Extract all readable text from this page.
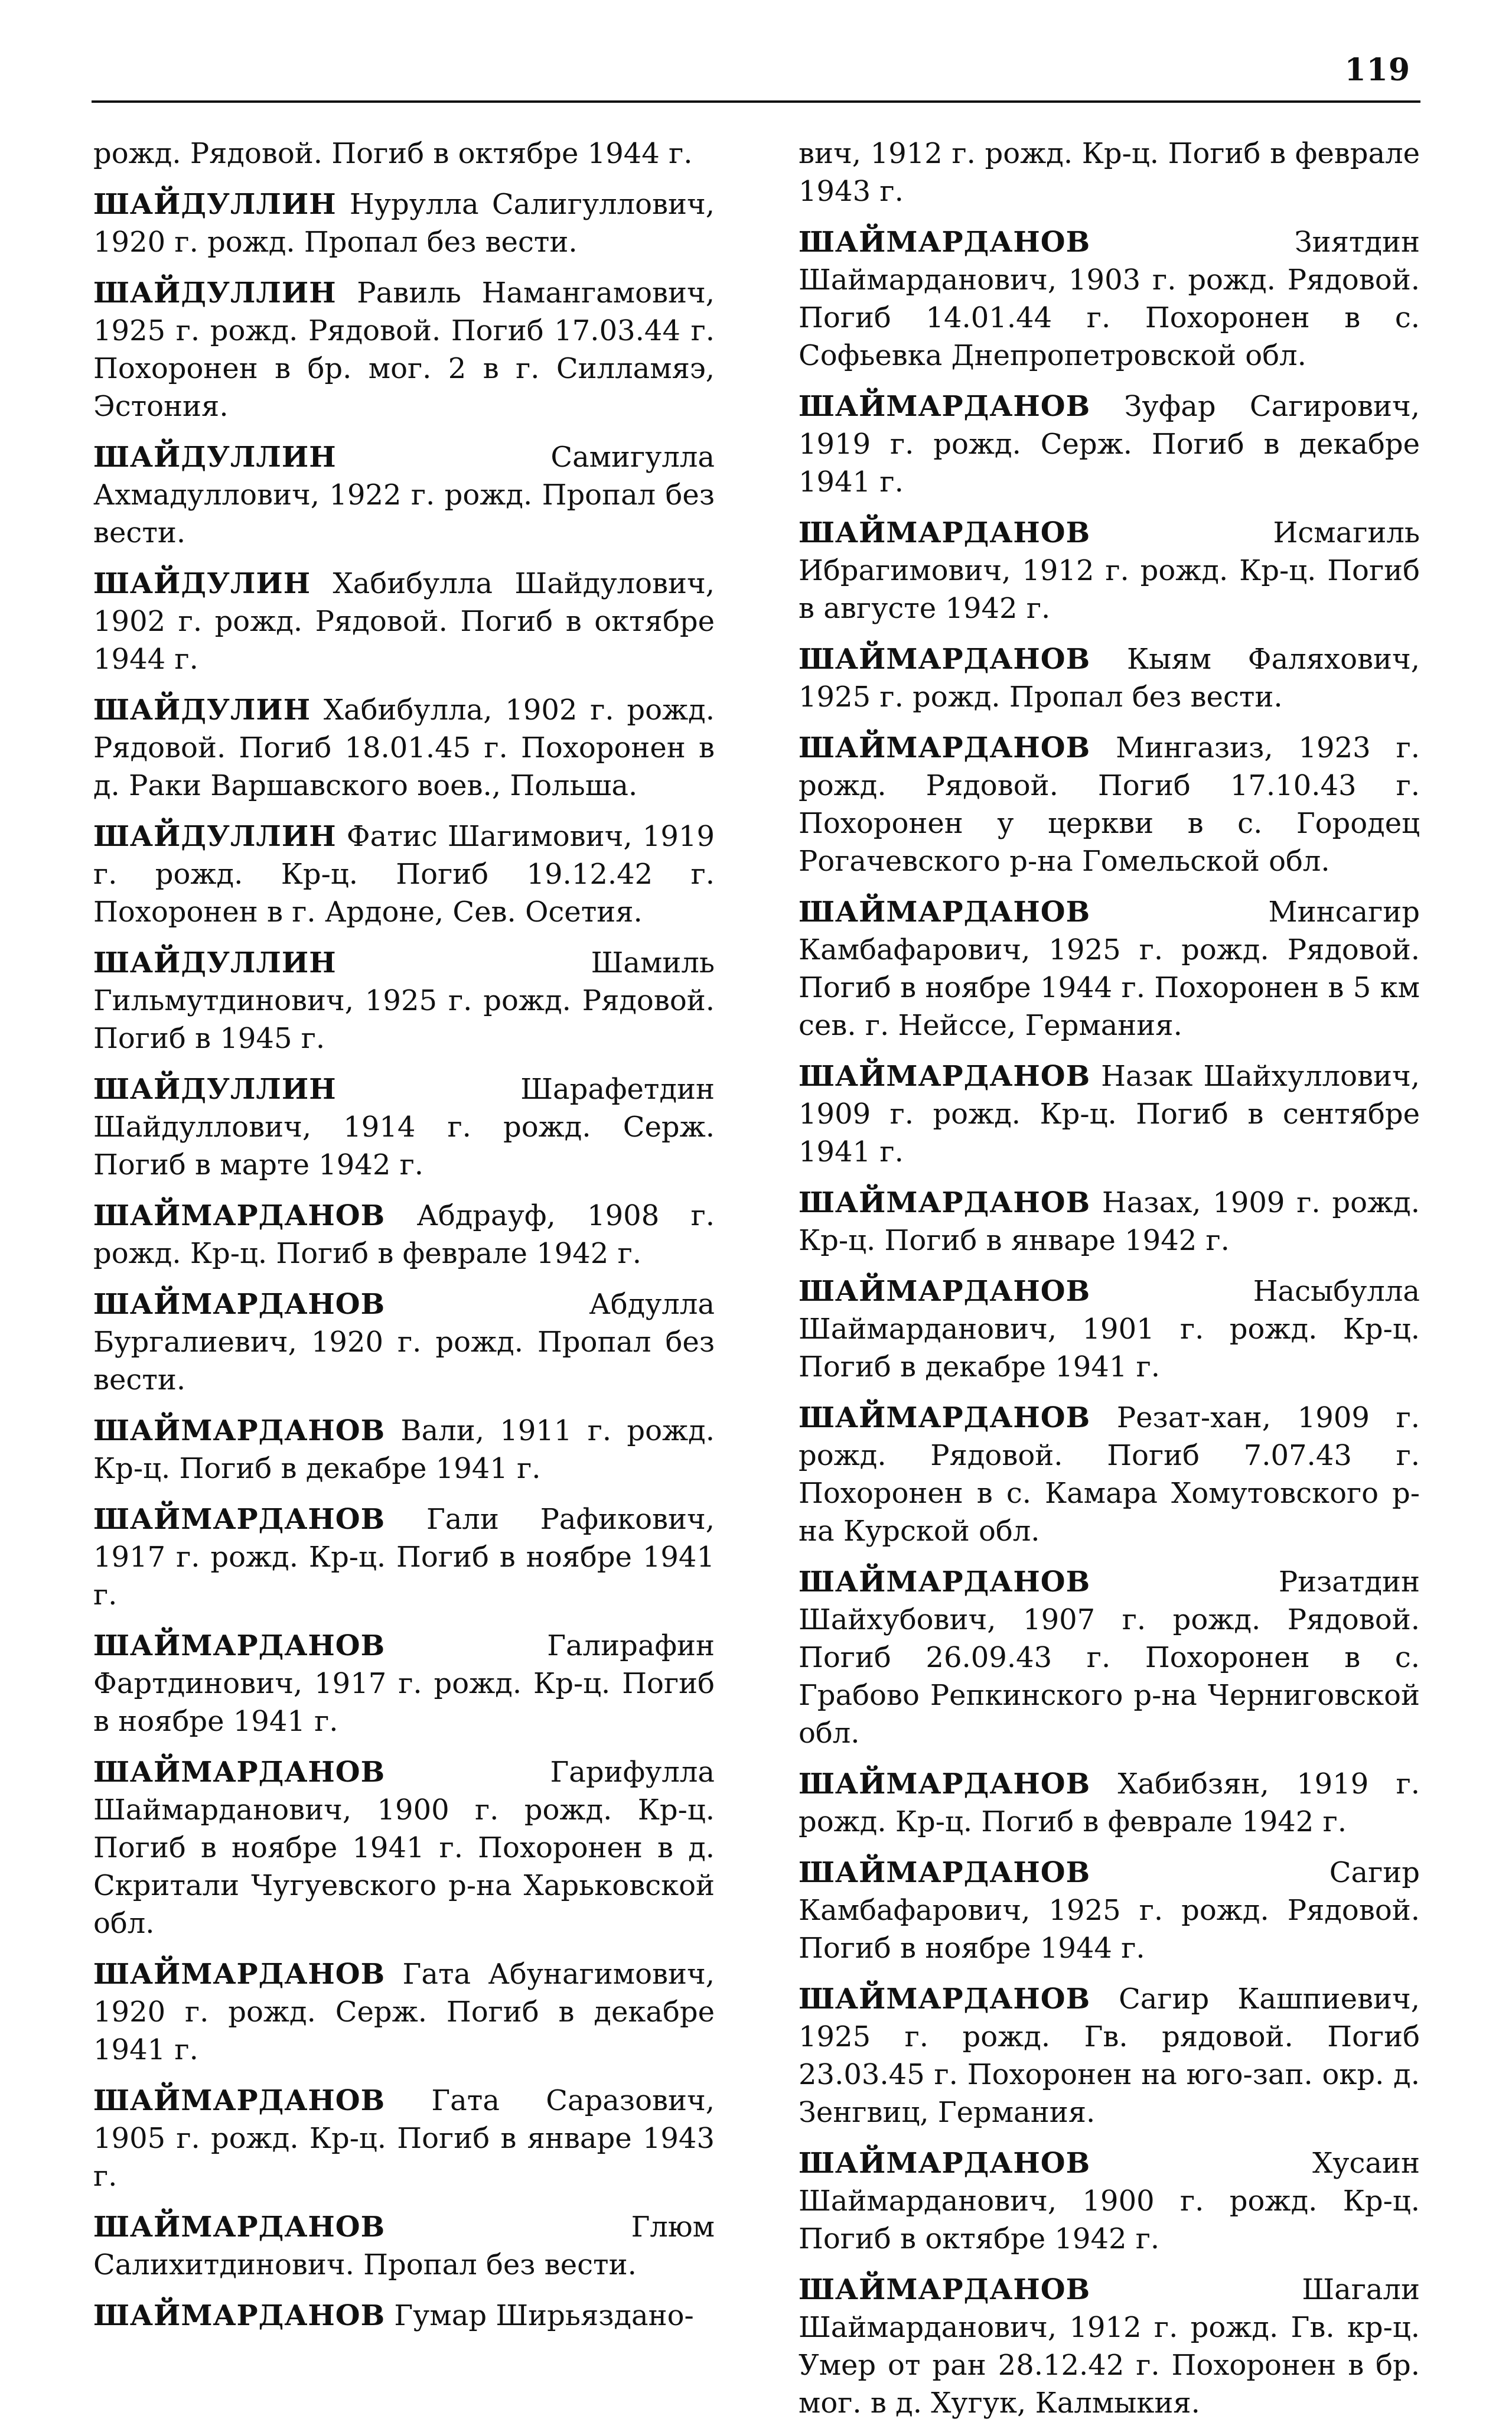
119

рожд. Рядовой. Погиб в октябре 1944 г.

ШАЙДУЛЛИН Нурулла Салигуллович, 1920 г. рожд. Пропал без вести.

ШАЙДУЛЛИН Равиль Намангамович, 1925 г. рожд. Рядовой. Погиб 17.03.44 г. Похоронен в бр. мог. 2 в г. Силламяэ, Эстония.

ШАЙДУЛЛИН Самигулла Ахмадуллович, 1922 г. рожд. Пропал без вести.

ШАЙДУЛИН Хабибулла Шайдулович, 1902 г. рожд. Рядовой. Погиб в октябре 1944 г.

ШАЙДУЛИН Хабибулла, 1902 г. рожд. Рядовой. Погиб 18.01.45 г. Похоронен в д. Раки Варшавского воев., Польша.

ШАЙДУЛЛИН Фатис Шагимович, 1919 г. рожд. Кр-ц. Погиб 19.12.42 г. Похоронен в г. Ардоне, Сев. Осетия.

ШАЙДУЛЛИН Шамиль Гильмутдинович, 1925 г. рожд. Рядовой. Погиб в 1945 г.

ШАЙДУЛЛИН Шарафетдин Шайдуллович, 1914 г. рожд. Серж. Погиб в марте 1942 г.

ШАЙМАРДАНОВ Абдрауф, 1908 г. рожд. Кр-ц. Погиб в феврале 1942 г.

ШАЙМАРДАНОВ Абдулла Бургалиевич, 1920 г. рожд. Пропал без вести.

ШАЙМАРДАНОВ Вали, 1911 г. рожд. Кр-ц. Погиб в декабре 1941 г.

ШАЙМАРДАНОВ Гали Рафикович, 1917 г. рожд. Кр-ц. Погиб в ноябре 1941 г.

ШАЙМАРДАНОВ Галирафин Фартдинович, 1917 г. рожд. Кр-ц. Погиб в ноябре 1941 г.

ШАЙМАРДАНОВ Гарифулла Шаймарданович, 1900 г. рожд. Кр-ц. Погиб в ноябре 1941 г. Похоронен в д. Скритали Чугуевского р-на Харьковской обл.

ШАЙМАРДАНОВ Гата Абунагимович, 1920 г. рожд. Серж. Погиб в декабре 1941 г.

ШАЙМАРДАНОВ Гата Саразович, 1905 г. рожд. Кр-ц. Погиб в январе 1943 г.

ШАЙМАРДАНОВ Глюм Салихитдинович. Пропал без вести.

ШАЙМАРДАНОВ Гумар Ширьяздано-

вич, 1912 г. рожд. Кр-ц. Погиб в феврале 1943 г.

ШАЙМАРДАНОВ Зиятдин Шаймарданович, 1903 г. рожд. Рядовой. Погиб 14.01.44 г. Похоронен в с. Софьевка Днепропетровской обл.

ШАЙМАРДАНОВ Зуфар Сагирович, 1919 г. рожд. Серж. Погиб в декабре 1941 г.

ШАЙМАРДАНОВ Исмагиль Ибрагимович, 1912 г. рожд. Кр-ц. Погиб в августе 1942 г.

ШАЙМАРДАНОВ Кыям Фаляхович, 1925 г. рожд. Пропал без вести.

ШАЙМАРДАНОВ Мингазиз, 1923 г. рожд. Рядовой. Погиб 17.10.43 г. Похоронен у церкви в с. Городец Рогачевского р-на Гомельской обл.

ШАЙМАРДАНОВ Минсагир Камбафарович, 1925 г. рожд. Рядовой. Погиб в ноябре 1944 г. Похоронен в 5 км сев. г. Нейссе, Германия.

ШАЙМАРДАНОВ Назак Шайхуллович, 1909 г. рожд. Кр-ц. Погиб в сентябре 1941 г.

ШАЙМАРДАНОВ Назах, 1909 г. рожд. Кр-ц. Погиб в январе 1942 г.

ШАЙМАРДАНОВ Насыбулла Шаймарданович, 1901 г. рожд. Кр-ц. Погиб в декабре 1941 г.

ШАЙМАРДАНОВ Резат-хан, 1909 г. рожд. Рядовой. Погиб 7.07.43 г. Похоронен в с. Камара Хомутовского р-на Курской обл.

ШАЙМАРДАНОВ Ризатдин Шайхубович, 1907 г. рожд. Рядовой. Погиб 26.09.43 г. Похоронен в с. Грабово Репкинского р-на Черниговской обл.

ШАЙМАРДАНОВ Хабибзян, 1919 г. рожд. Кр-ц. Погиб в феврале 1942 г.

ШАЙМАРДАНОВ Сагир Камбафарович, 1925 г. рожд. Рядовой. Погиб в ноябре 1944 г.

ШАЙМАРДАНОВ Сагир Кашпиевич, 1925 г. рожд. Гв. рядовой. Погиб 23.03.45 г. Похоронен на юго-зап. окр. д. Зенгвиц, Германия.

ШАЙМАРДАНОВ Хусаин Шаймарданович, 1900 г. рожд. Кр-ц. Погиб в октябре 1942 г.

ШАЙМАРДАНОВ Шагали Шаймарданович, 1912 г. рожд. Гв. кр-ц. Умер от ран 28.12.42 г. Похоронен в бр. мог. в д. Хугук, Калмыкия.
